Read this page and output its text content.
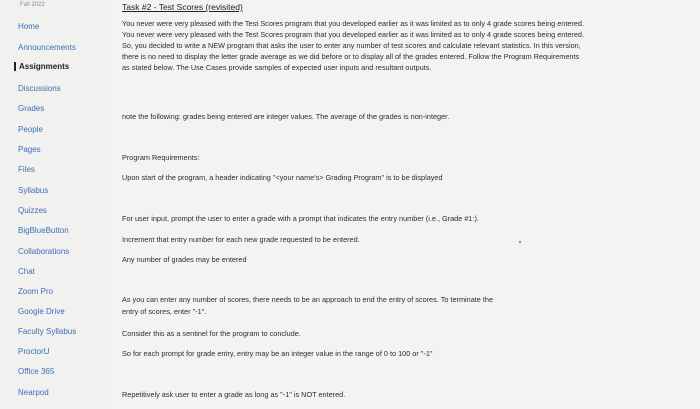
Fall 2022
Home
Announcements
Assignments
Discussions
Grades
People
Pages
Files
Syllabus
Quizzes
BigBlueButton
Collaborations
Chat
Zoom Pro
Google Drive
Faculty Syllabus
ProctorU
Office 365
Nearpod
Task #2 - Test Scores (revisited)
You never were very pleased with the Test Scores program that you developed earlier as it was limited as to only 4 grade scores being entered. You never were very pleased with the Test Scores program that you developed earlier as it was limited as to only 4 grade scores being entered. So, you decided to write a NEW program that asks the user to enter any number of test scores and calculate relevant statistics. In this version, there is no need to display the letter grade average as we did before or to display all of the grades entered. Follow the Program Requirements as stated below. The Use Cases provide samples of expected user inputs and resultant outputs.
note the following: grades being entered are integer values. The average of the grades is non-integer.
Program Requirements:
Upon start of the program, a header indicating "<your name's> Grading Program" is to be displayed
For user input, prompt the user to enter a grade with a prompt that indicates the entry number (i.e., Grade #1:).
Increment that entry number for each new grade requested to be entered.
Any number of grades may be entered
As you can enter any number of scores, there needs to be an approach to end the entry of scores. To terminate the
entry of scores, enter "-1".
Consider this as a sentinel for the program to conclude.
So for each prompt for grade entry, entry may be an integer value in the range of 0 to 100 or "-1"
Repetitively ask user to enter a grade as long as "-1" is NOT entered.
